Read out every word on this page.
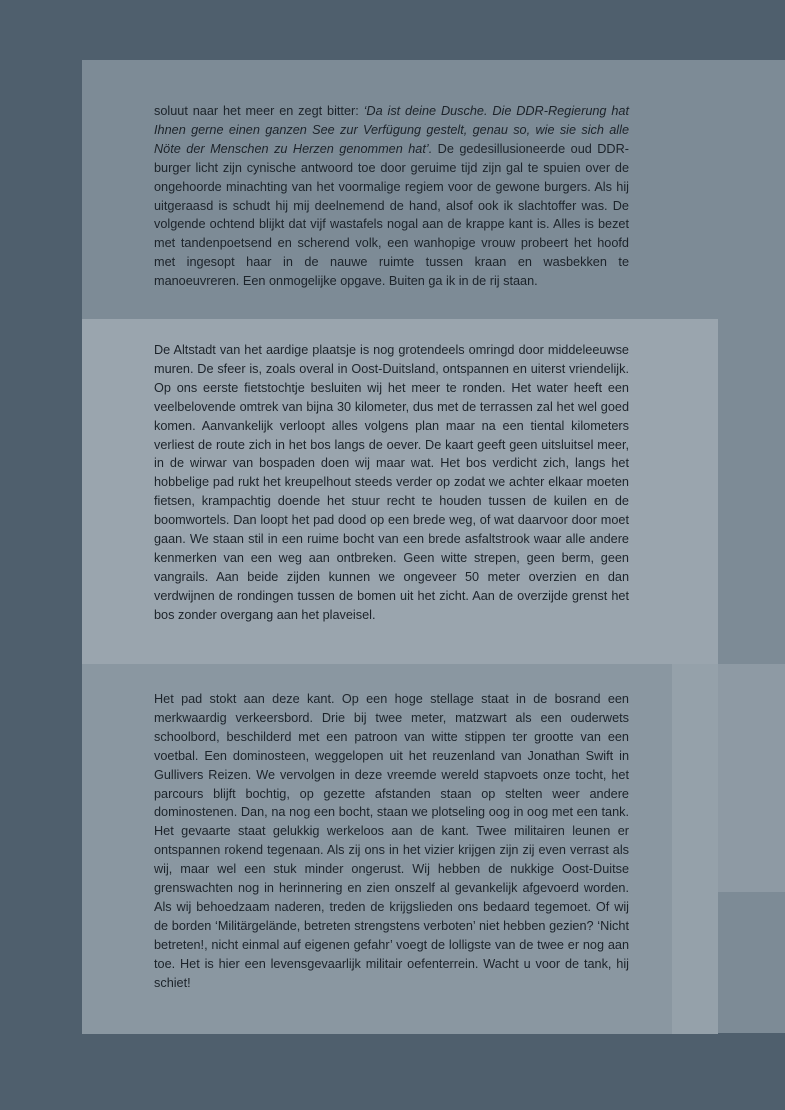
soluut naar het meer en zegt bitter: ‘Da ist deine Dusche. Die DDR-Regierung hat Ihnen gerne einen ganzen See zur Verfügung gestelt, genau so, wie sie sich alle Nöte der Menschen zu Herzen genommen hat’. De gedesillusioneerde oud DDR-burger licht zijn cynische antwoord toe door geruime tijd zijn gal te spuien over de ongehoorde minachting van het voormalige regiem voor de gewone burgers. Als hij uitgeraasd is schudt hij mij deelnemend de hand, alsof ook ik slachtoffer was. De volgende ochtend blijkt dat vijf wastafels nogal aan de krappe kant is. Alles is bezet met tandenpoetsend en scherend volk, een wanhopige vrouw probeert het hoofd met ingesopt haar in de nauwe ruimte tussen kraan en wasbekken te manoeuvreren. Een onmogelijke opgave. Buiten ga ik in de rij staan.

De Altstadt van het aardige plaatsje is nog grotendeels omringd door middeleeuwse muren. De sfeer is, zoals overal in Oost-Duitsland, ontspannen en uiterst vriendelijk. Op ons eerste fietstochtje besluiten wij het meer te ronden. Het water heeft een veelbelovende omtrek van bijna 30 kilometer, dus met de terrassen zal het wel goed komen. Aanvankelijk verloopt alles volgens plan maar na een tiental kilometers verliest de route zich in het bos langs de oever. De kaart geeft geen uitsluitsel meer, in de wirwar van bospaden doen wij maar wat. Het bos verdicht zich, langs het hobbelige pad rukt het kreupelhout steeds verder op zodat we achter elkaar moeten fietsen, krampachtig doende het stuur recht te houden tussen de kuilen en de boomwortels. Dan loopt het pad dood op een brede weg, of wat daarvoor door moet gaan. We staan stil in een ruime bocht van een brede asfaltstrook waar alle andere kenmerken van een weg aan ontbreken. Geen witte strepen, geen berm, geen vangrails. Aan beide zijden kunnen we ongeveer 50 meter overzien en dan verdwijnen de rondingen tussen de bomen uit het zicht. Aan de overzijde grenst het bos zonder overgang aan het plaveisel.

Het pad stokt aan deze kant. Op een hoge stellage staat in de bosrand een merkwaardig verkeersbord. Drie bij twee meter, matzwart als een ouderwets schoolbord, beschilderd met een patroon van witte stippen ter grootte van een voetbal. Een dominosteen, weggelopen uit het reuzenland van Jonathan Swift in Gullivers Reizen. We vervolgen in deze vreemde wereld stapvoets onze tocht, het parcours blijft bochtig, op gezette afstanden staan op stelten weer andere dominostenen. Dan, na nog een bocht, staan we plotseling oog in oog met een tank. Het gevaarte staat gelukkig werkeloos aan de kant. Twee militairen leunen er ontspannen rokend tegenaan. Als zij ons in het vizier krijgen zijn zij even verrast als wij, maar wel een stuk minder ongerust. Wij hebben de nukkige Oost-Duitse grenswachten nog in herinnering en zien onszelf al gevankelijk afgevoerd worden. Als wij behoedzaam naderen, treden de krijgslieden ons bedaard tegemoet. Of wij de borden ‘Militärgelände, betreten strengstens verboten’ niet hebben gezien? ‘Nicht betreten!, nicht einmal auf eigenen gefahr’ voegt de lolligste van de twee er nog aan toe. Het is hier een levensgevaarlijk militair oefenterrein. Wacht u voor de tank, hij schiet!
